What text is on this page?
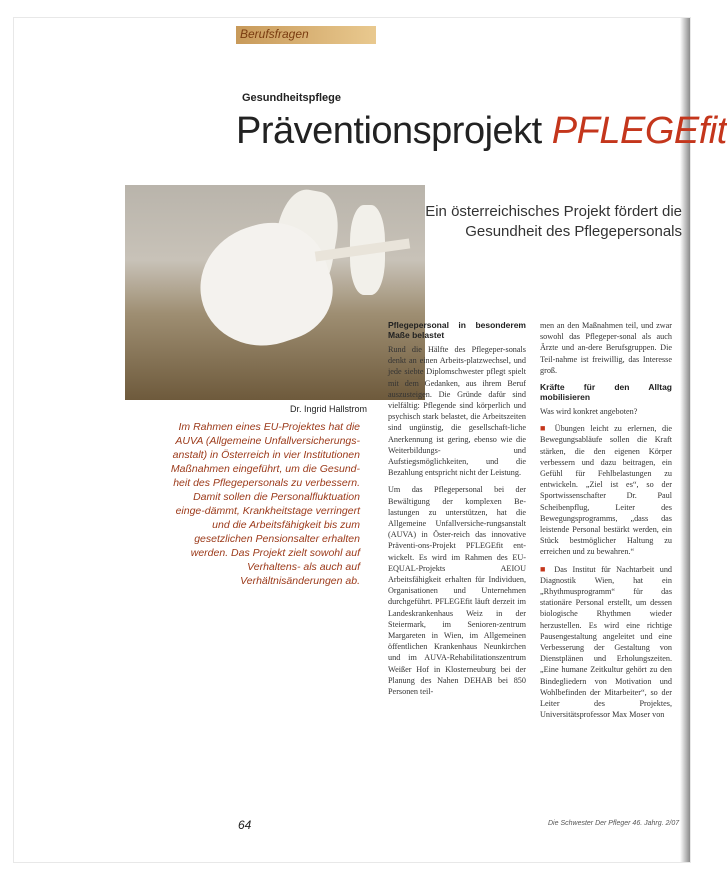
Berufsfragen
Gesundheitspflege
Präventionsprojekt PFLEGEfit
Ein österreichisches Projekt fördert die Gesundheit des Pflegepersonals
Dr. Ingrid Hallstrom
Im Rahmen eines EU-Projektes hat die AUVA (Allgemeine Unfallversicherungs-anstalt) in Österreich in vier Institutionen Maßnahmen eingeführt, um die Gesund-heit des Pflegepersonals zu verbessern. Damit sollen die Personalfluktuation einge-dämmt, Krankheitstage verringert und die Arbeitsfähigkeit bis zum gesetzlichen Pensionsalter erhalten werden. Das Projekt zielt sowohl auf Verhaltens- als auch auf Verhältnisänderungen ab.
Pflegepersonal in besonderem Maße belastet
Rund die Hälfte des Pflegeper-sonals denkt an einen Arbeits-platzwechsel, und jede siebte Diplomschwester pflegt spielt mit dem Gedanken, aus ihrem Beruf auszusteigen. Die Gründe dafür sind vielfältig: Pflegende sind körperlich und psychisch stark belastet, die Arbeitszeiten sind ungünstig, die gesellschaft-liche Anerkennung ist gering, ebenso wie die Weiterbildungs- und Aufstiegsmöglichkeiten, und die Bezahlung entspricht nicht der Leistung.
Um das Pflegepersonal bei der Bewältigung der komplexen Be-lastungen zu unterstützen, hat die Allgemeine Unfallversiche-rungsanstalt (AUVA) in Öster-reich das innovative Präventi-ons-Projekt PFLEGEfit ent-wickelt. Es wird im Rahmen des EU-EQUAL-Projekts AEIOU Arbeitsfähigkeit erhalten für Individuen, Organisationen und Unternehmen durchgeführt. PFLEGEfit läuft derzeit im Landeskrankenhaus Weiz in der Steiermark, im Senioren-zentrum Margareten in Wien, im Allgemeinen öffentlichen Krankenhaus Neunkirchen und im AUVA-Rehabilitationszentrum Weißer Hof in Klosterneuburg bei der Planung des Nahen DEHAB bei 850 Personen teil-
men an den Maßnahmen teil, und zwar sowohl das Pflegeper-sonal als auch Ärzte und an-dere Berufsgruppen. Die Teil-nahme ist freiwillig, das Interesse groß.
Kräfte für den Alltag mobilisieren
Was wird konkret angeboten?
■ Übungen leicht zu erlernen, die Bewegungsabläufe sollen die Kraft stärken, die den eigenen Körper verbessern und dazu beitragen, ein Gefühl für Fehlbelastungen zu entwickeln. „Ziel ist es“, so der Sportwissenschafter Dr. Paul Scheibenpflug, Leiter des Bewegungsprogramms, „dass das leistende Personal bestärkt werden, ein Stück bestmöglicher Haltung zu erreichen und zu bewahren.“
■ Das Institut für Nachtarbeit und Diagnostik Wien, hat ein „Rhythmusprogramm“ für das stationäre Personal erstellt, um dessen biologische Rhythmen wieder herzustellen. Es wird eine richtige Pausengestaltung angeleitet und eine Verbesserung der Gestaltung von Dienstplänen und Erholungszeiten. „Eine humane Zeitkultur gehört zu den Bindegliedern von Motivation und Wohlbefinden der Mitarbeiter“, so der Leiter des Projektes, Universitätsprofessor Max Moser von
64	Die Schwester Der Pfleger 46. Jahrg. 2/07
